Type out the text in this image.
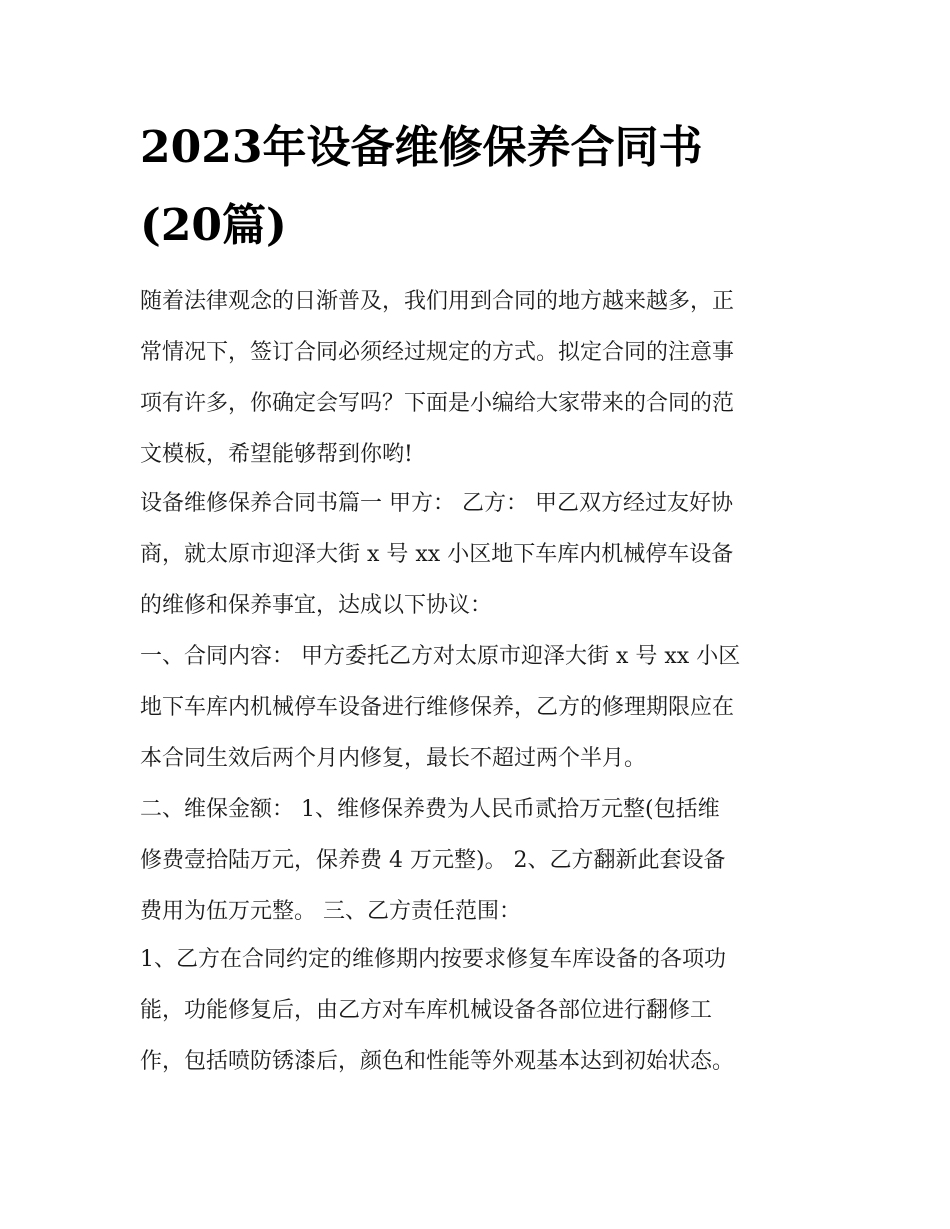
2023年设备维修保养合同书
(20篇)

随着法律观念的日渐普及，我们用到合同的地方越来越多，正
常情况下，签订合同必须经过规定的方式。拟定合同的注意事
项有许多，你确定会写吗？下面是小编给大家带来的合同的范
文模板，希望能够帮到你哟!

设备维修保养合同书篇一 甲方： 乙方： 甲乙双方经过友好协
商，就太原市迎泽大街 x 号 xx 小区地下车库内机械停车设备
的维修和保养事宜，达成以下协议：

一、合同内容： 甲方委托乙方对太原市迎泽大街 x 号 xx 小区
地下车库内机械停车设备进行维修保养，乙方的修理期限应在
本合同生效后两个月内修复，最长不超过两个半月。

二、维保金额： 1、维修保养费为人民币贰拾万元整(包括维
修费壹拾陆万元，保养费 4 万元整)。 2、乙方翻新此套设备
费用为伍万元整。 三、乙方责任范围：

1、乙方在合同约定的维修期内按要求修复车库设备的各项功
能，功能修复后，由乙方对车库机械设备各部位进行翻修工
作，包括喷防锈漆后，颜色和性能等外观基本达到初始状态。
